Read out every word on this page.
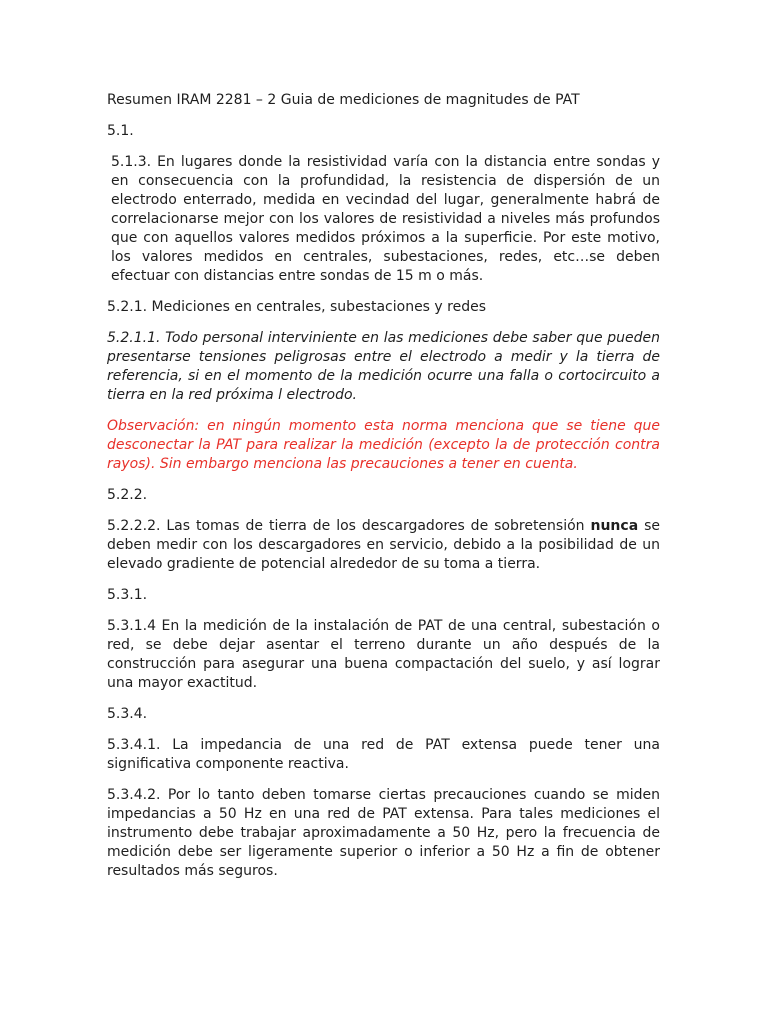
Resumen IRAM 2281 – 2 Guia de mediciones de magnitudes de PAT

5.1.

5.1.3. En lugares donde la resistividad varía con la distancia entre sondas y en consecuencia con la profundidad, la resistencia de dispersión de un electrodo enterrado, medida en vecindad del lugar, generalmente habrá de correlacionarse mejor con los valores de resistividad a niveles más profundos que con aquellos valores medidos próximos a la superficie. Por este motivo, los valores medidos en centrales, subestaciones, redes, etc…se deben efectuar con distancias entre sondas de 15 m o más.

5.2.1. Mediciones en centrales, subestaciones y redes

5.2.1.1. Todo personal interviniente en las mediciones debe saber que pueden presentarse tensiones peligrosas entre el electrodo a medir y la tierra de referencia, si en el momento de la medición ocurre una falla o cortocircuito a tierra en la red próxima l electrodo.

Observación: en ningún momento esta norma menciona que se tiene que desconectar la PAT para realizar la medición (excepto la de protección contra rayos). Sin embargo menciona las precauciones a tener en cuenta.

5.2.2.

5.2.2.2. Las tomas de tierra de los descargadores de sobretensión nunca se deben medir con los descargadores en servicio, debido a la posibilidad de un elevado gradiente de potencial alrededor de su toma a tierra.

5.3.1.

5.3.1.4 En la medición de la instalación de PAT de una central, subestación o red, se debe dejar asentar el terreno durante un año después de la construcción para asegurar una buena compactación del suelo, y así lograr una mayor exactitud.

5.3.4.

5.3.4.1. La impedancia de una red de PAT extensa puede tener una significativa componente reactiva.

5.3.4.2. Por lo tanto deben tomarse ciertas precauciones cuando se miden impedancias a 50 Hz en una red de PAT extensa. Para tales mediciones el instrumento debe trabajar aproximadamente a 50 Hz, pero la frecuencia de medición debe ser ligeramente superior o inferior a 50 Hz a fin de obtener resultados más seguros.
